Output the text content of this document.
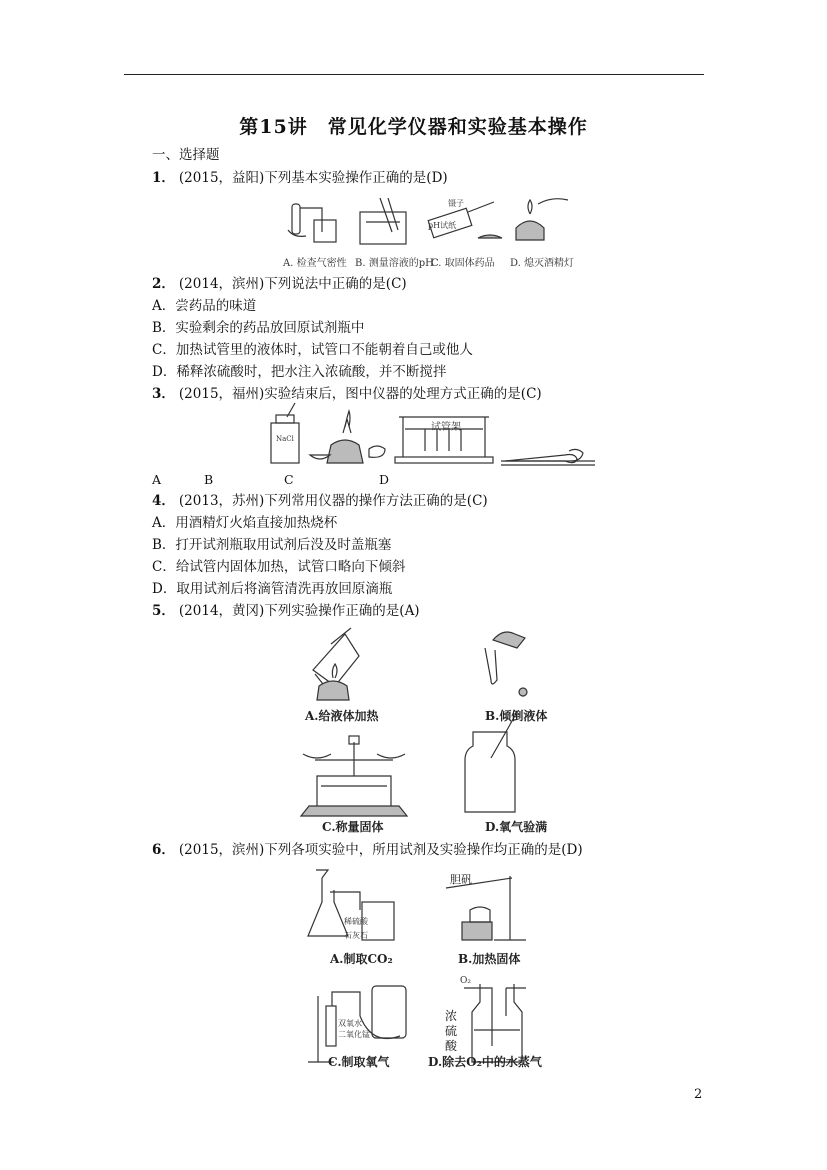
第15讲　常见化学仪器和实验基本操作
一、选择题
1． (2015，益阳)下列基本实验操作正确的是(D)
镊子
pH试纸
A. 检查气密性 B. 测量溶液的pH
C. 取固体药品 D. 熄灭酒精灯
2． (2014，滨州)下列说法中正确的是(C)
A．尝药品的味道
B．实验剩余的药品放回原试剂瓶中
C．加热试管里的液体时，试管口不能朝着自己或他人
D．稀释浓硫酸时，把水注入浓硫酸，并不断搅拌
3． (2015，福州)实验结束后，图中仪器的处理方式正确的是(C)
NaCl
试管架
A	B	C	D
4． (2013，苏州)下列常用仪器的操作方法正确的是(C)
A．用酒精灯火焰直接加热烧杯
B．打开试剂瓶取用试剂后没及时盖瓶塞
C．给试管内固体加热，试管口略向下倾斜
D．取用试剂后将滴管清洗再放回原滴瓶
5． (2014，黄冈)下列实验操作正确的是(A)
A.给液体加热	B.倾倒液体
C.称量固体	D.氧气验满
6． (2015，滨州)下列各项实验中，所用试剂及实验操作均正确的是(D)
稀硫酸
石灰石
胆矾
双氧水
二氧化锰
O₂
浓
硫
酸
A.制取CO₂	B.加热固体
C.制取氧气	D.除去O₂中的水蒸气
2
